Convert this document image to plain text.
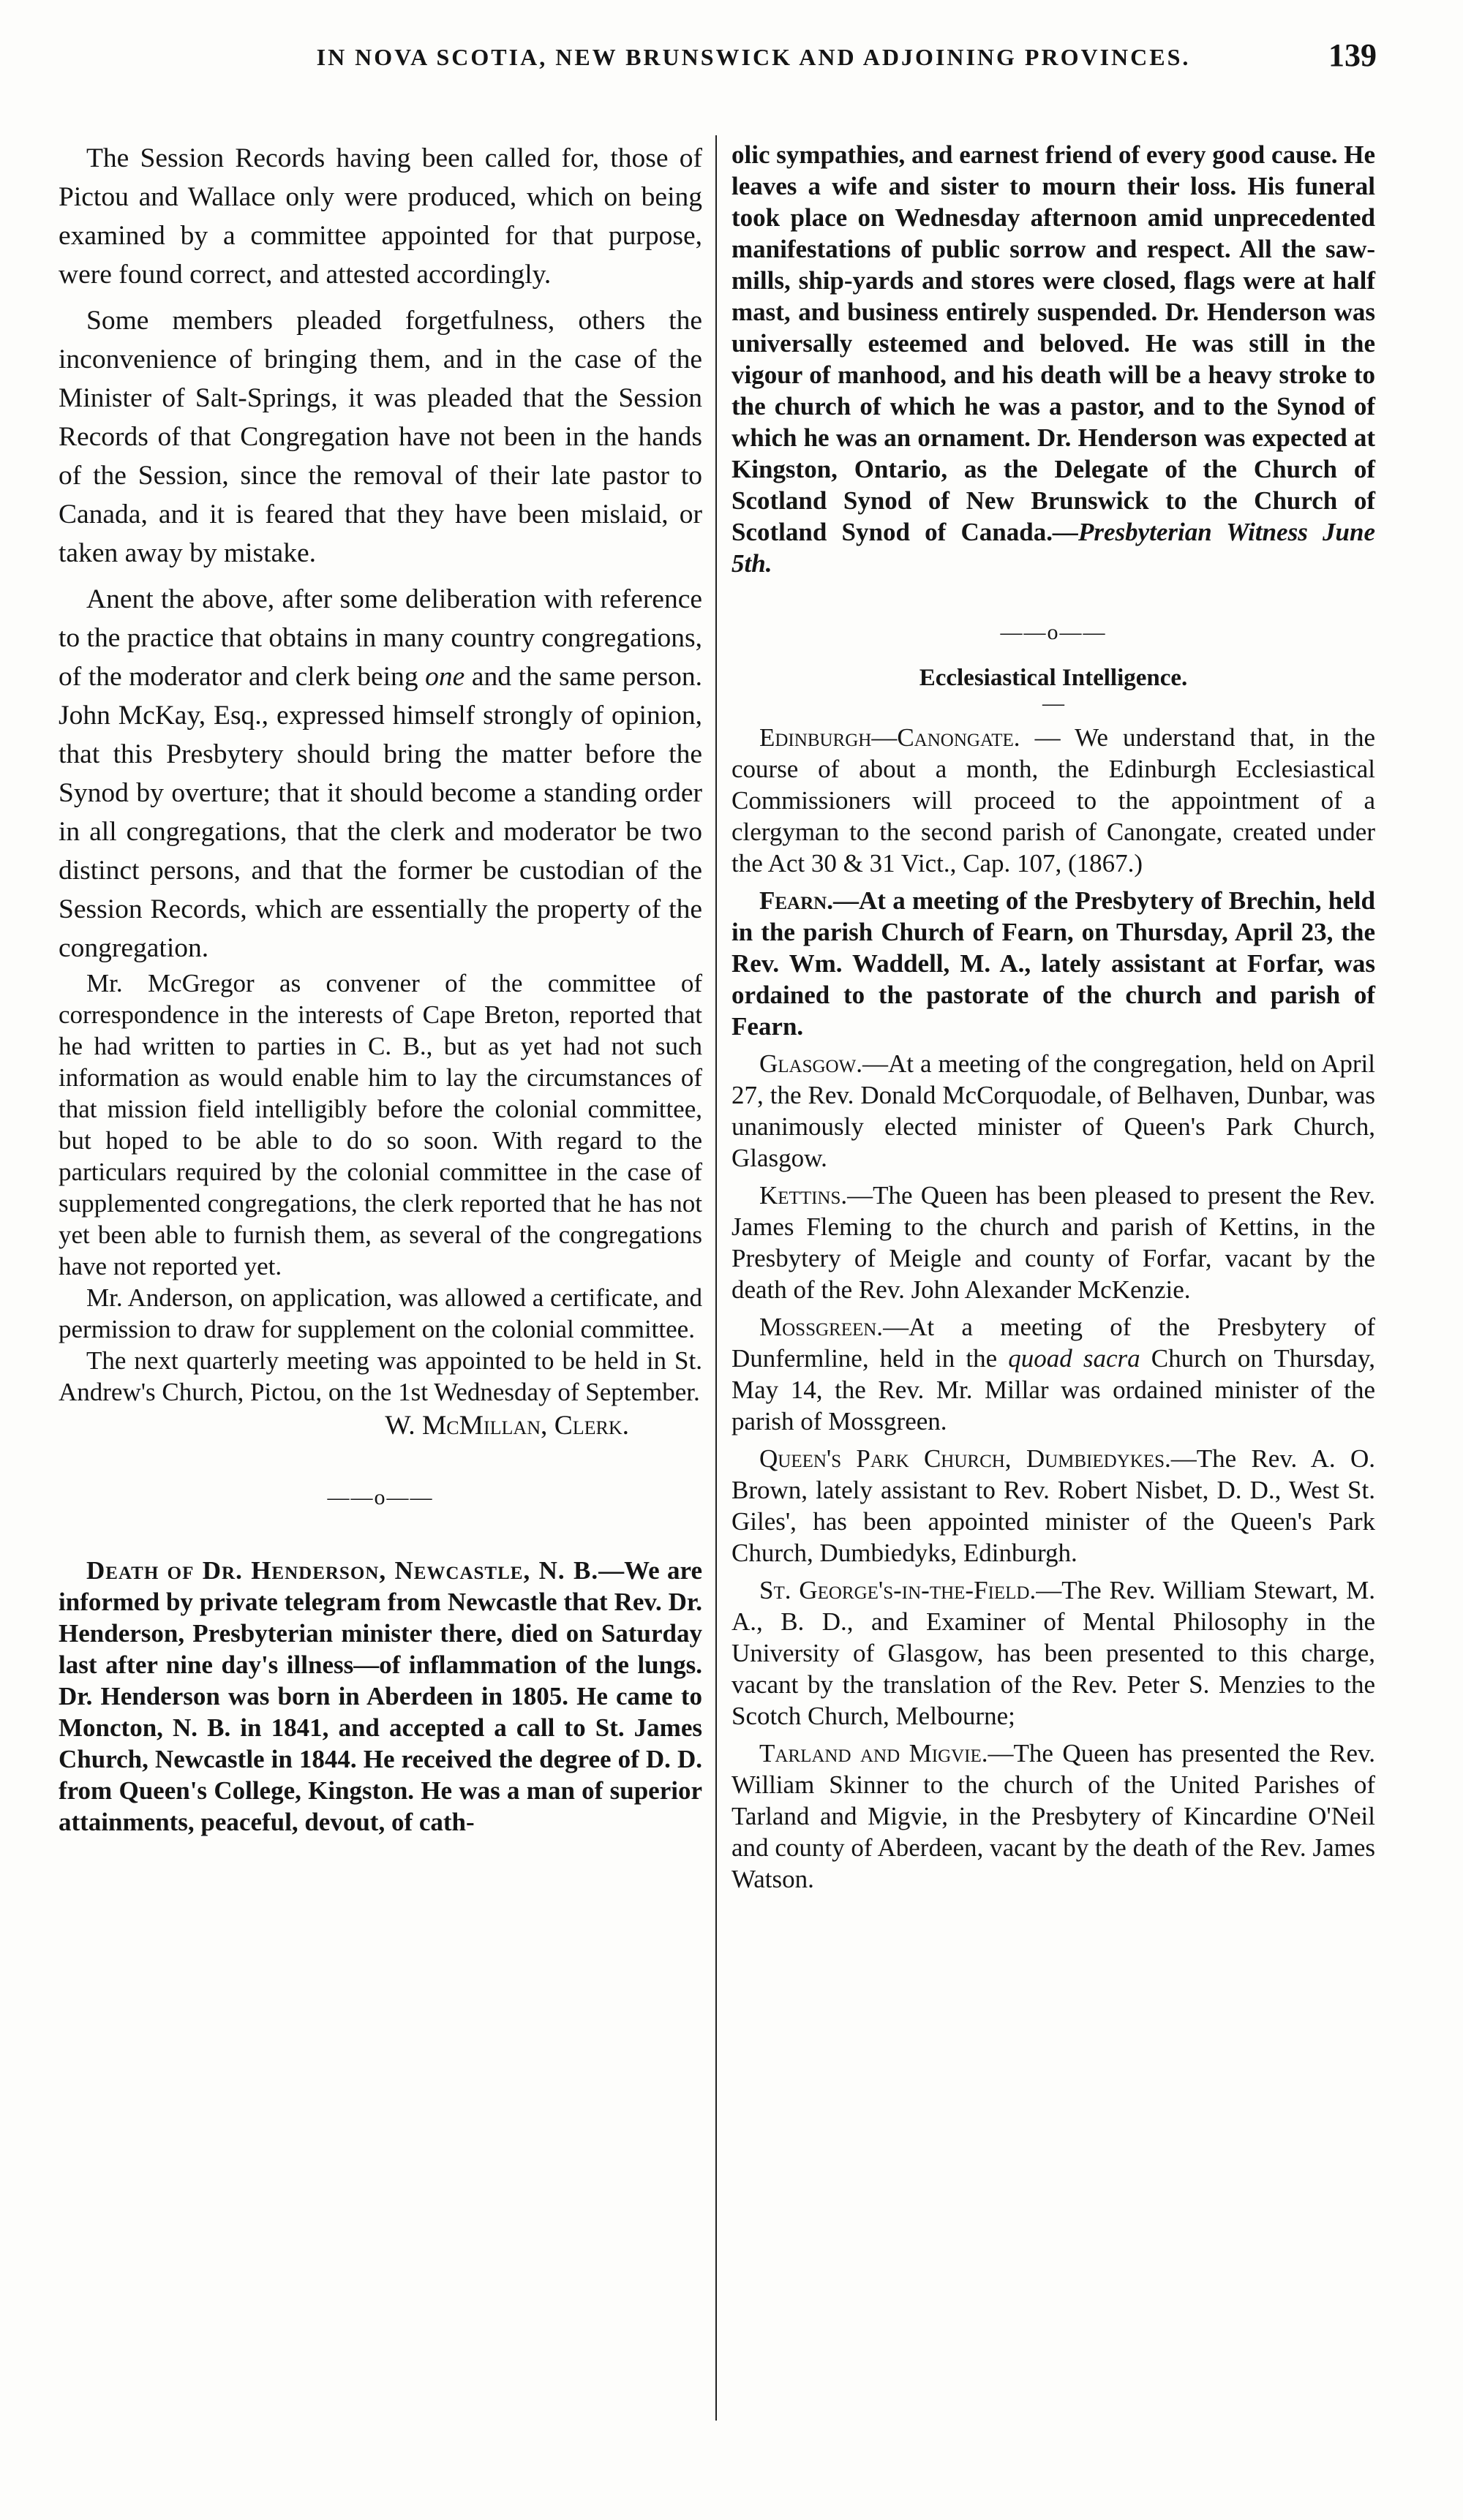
IN NOVA SCOTIA, NEW BRUNSWICK AND ADJOINING PROVINCES.	139

The Session Records having been called for, those of Pictou and Wallace only were produced, which on being examined by a committee appointed for that purpose, were found correct, and attested accordingly.

Some members pleaded forgetfulness, others the inconvenience of bringing them, and in the case of the Minister of Salt-Springs, it was pleaded that the Session Records of that Congregation have not been in the hands of the Session, since the removal of their late pastor to Canada, and it is feared that they have been mislaid, or taken away by mistake.

Anent the above, after some deliberation with reference to the practice that obtains in many country congregations, of the moderator and clerk being one and the same person. John McKay, Esq., expressed himself strongly of opinion, that this Presbytery should bring the matter before the Synod by overture; that it should become a standing order in all congregations, that the clerk and moderator be two distinct persons, and that the former be custodian of the Session Records, which are essentially the property of the congregation.

Mr. McGregor as convener of the committee of correspondence in the interests of Cape Breton, reported that he had written to parties in C. B., but as yet had not such information as would enable him to lay the circumstances of that mission field intelligibly before the colonial committee, but hoped to be able to do so soon. With regard to the particulars required by the colonial committee in the case of supplemented congregations, the clerk reported that he has not yet been able to furnish them, as several of the congregations have not reported yet.

Mr. Anderson, on application, was allowed a certificate, and permission to draw for supplement on the colonial committee.

The next quarterly meeting was appointed to be held in St. Andrew's Church, Pictou, on the 1st Wednesday of September.

W. McMillan, Clerk.
——o——

Death of Dr. Henderson, Newcastle, N. B.—We are informed by private telegram from Newcastle that Rev. Dr. Henderson, Presbyterian minister there, died on Saturday last after nine day's illness—of inflammation of the lungs. Dr. Henderson was born in Aberdeen in 1805. He came to Moncton, N. B. in 1841, and accepted a call to St. James Church, Newcastle in 1844. He received the degree of D. D. from Queen's College, Kingston. He was a man of superior attainments, peaceful, devout, of cath-

olic sympathies, and earnest friend of every good cause. He leaves a wife and sister to mourn their loss. His funeral took place on Wednesday afternoon amid unprecedented manifestations of public sorrow and respect. All the saw-mills, ship-yards and stores were closed, flags were at half mast, and business entirely suspended. Dr. Henderson was universally esteemed and beloved. He was still in the vigour of manhood, and his death will be a heavy stroke to the church of which he was a pastor, and to the Synod of which he was an ornament. Dr. Henderson was expected at Kingston, Ontario, as the Delegate of the Church of Scotland Synod of New Brunswick to the Church of Scotland Synod of Canada.—Presbyterian Witness June 5th.

——o——
Ecclesiastical Intelligence.
—

Edinburgh—Canongate. — We understand that, in the course of about a month, the Edinburgh Ecclesiastical Commissioners will proceed to the appointment of a clergyman to the second parish of Canongate, created under the Act 30 & 31 Vict., Cap. 107, (1867.)

Fearn.—At a meeting of the Presbytery of Brechin, held in the parish Church of Fearn, on Thursday, April 23, the Rev. Wm. Waddell, M. A., lately assistant at Forfar, was ordained to the pastorate of the church and parish of Fearn.

Glasgow.—At a meeting of the congregation, held on April 27, the Rev. Donald McCorquodale, of Belhaven, Dunbar, was unanimously elected minister of Queen's Park Church, Glasgow.

Kettins.—The Queen has been pleased to present the Rev. James Fleming to the church and parish of Kettins, in the Presbytery of Meigle and county of Forfar, vacant by the death of the Rev. John Alexander McKenzie.

Mossgreen.—At a meeting of the Presbytery of Dunfermline, held in the quoad sacra Church on Thursday, May 14, the Rev. Mr. Millar was ordained minister of the parish of Mossgreen.

Queen's Park Church, Dumbiedykes.—The Rev. A. O. Brown, lately assistant to Rev. Robert Nisbet, D. D., West St. Giles', has been appointed minister of the Queen's Park Church, Dumbiedyks, Edinburgh.

St. George's-in-the-Field.—The Rev. William Stewart, M. A., B. D., and Examiner of Mental Philosophy in the University of Glasgow, has been presented to this charge, vacant by the translation of the Rev. Peter S. Menzies to the Scotch Church, Melbourne;

Tarland and Migvie.—The Queen has presented the Rev. William Skinner to the church of the United Parishes of Tarland and Migvie, in the Presbytery of Kincardine O'Neil and county of Aberdeen, vacant by the death of the Rev. James Watson.
